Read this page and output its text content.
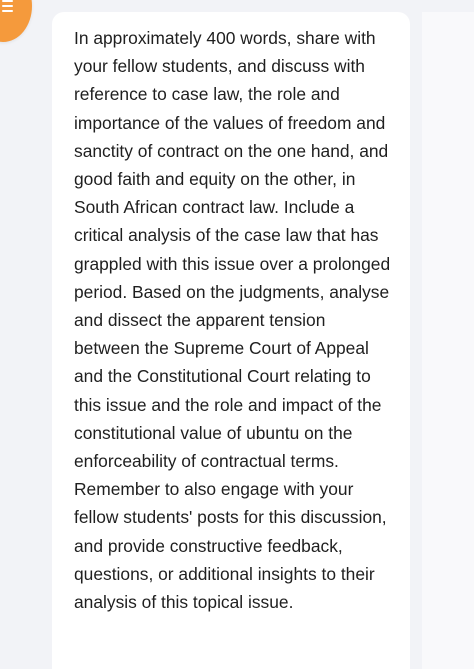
In approximately 400 words, share with your fellow students, and discuss with reference to case law, the role and importance of the values of freedom and sanctity of contract on the one hand, and good faith and equity on the other, in South African contract law. Include a critical analysis of the case law that has grappled with this issue over a prolonged period. Based on the judgments, analyse and dissect the apparent tension between the Supreme Court of Appeal and the Constitutional Court relating to this issue and the role and impact of the constitutional value of ubuntu on the enforceability of contractual terms. Remember to also engage with your fellow students' posts for this discussion, and provide constructive feedback, questions, or additional insights to their analysis of this topical issue.
